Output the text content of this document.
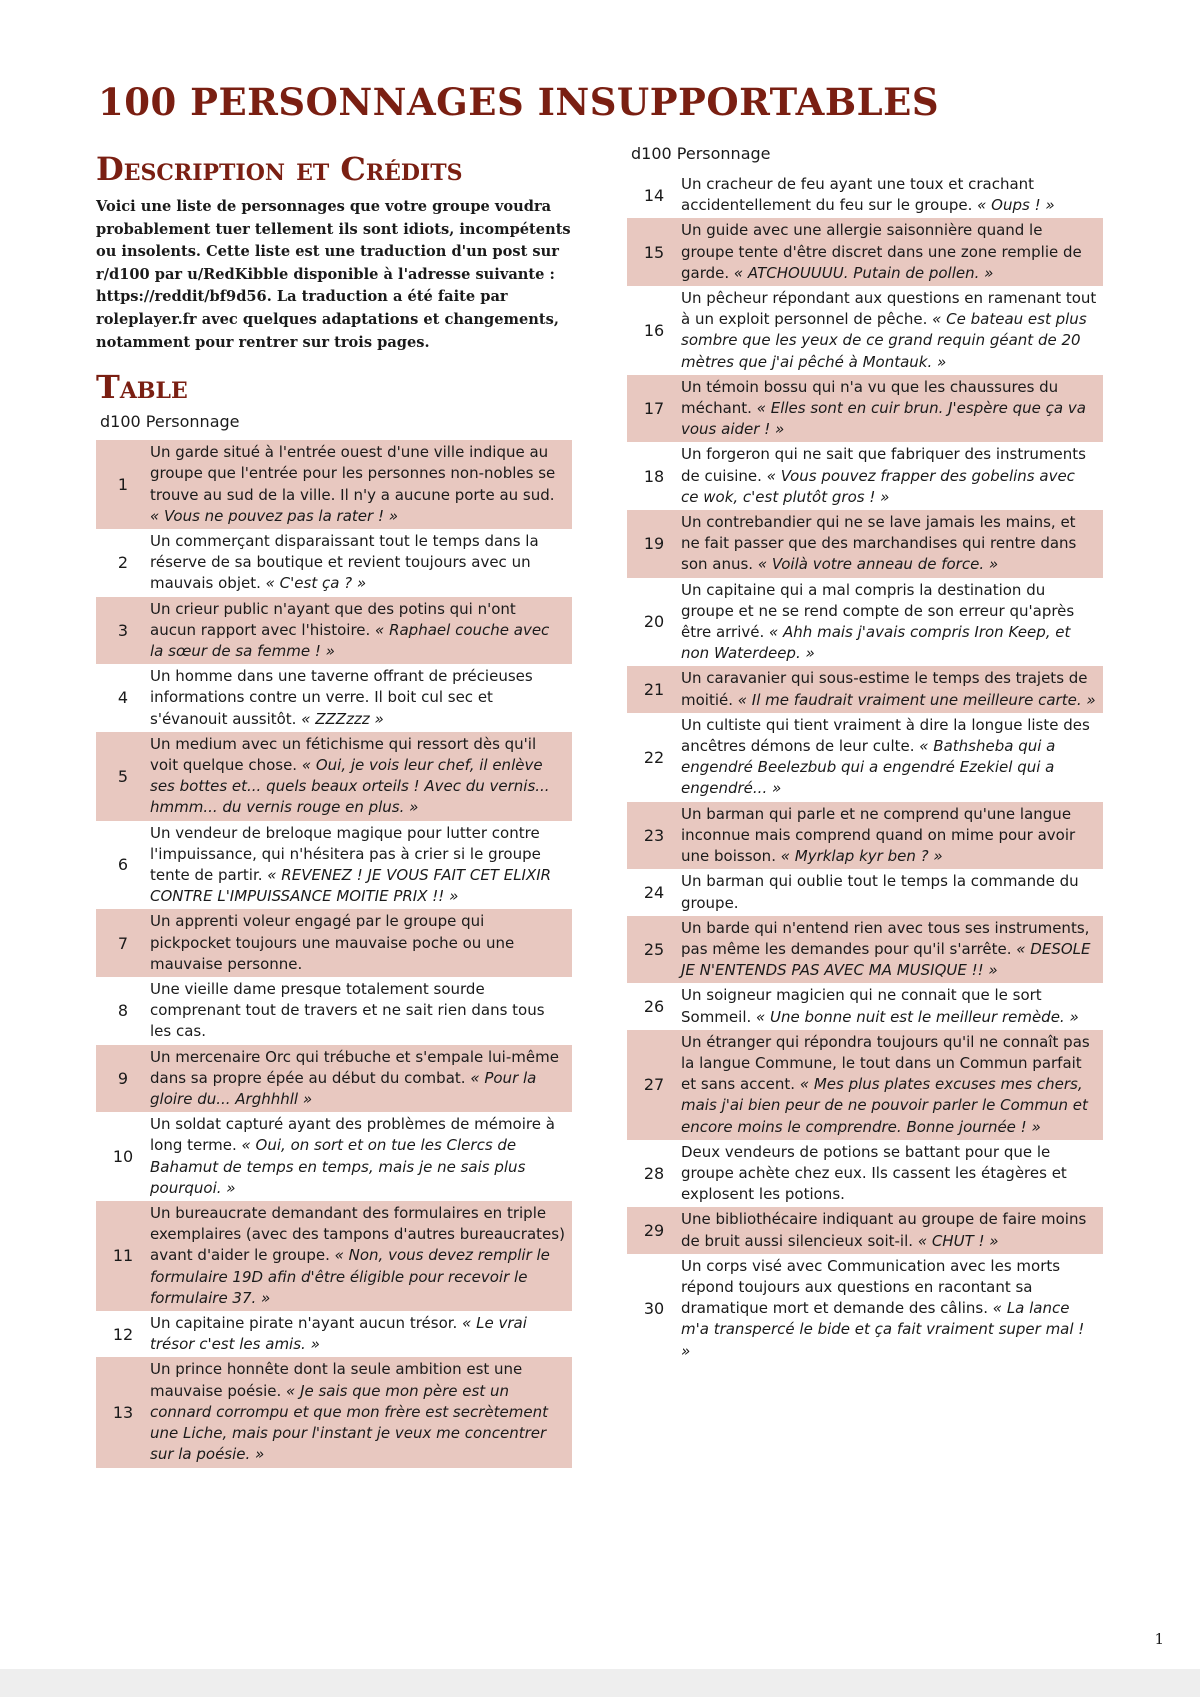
100 PERSONNAGES INSUPPORTABLES
Description et Crédits

Voici une liste de personnages que votre groupe voudra probablement tuer tellement ils sont idiots, incompétents ou insolents. Cette liste est une traduction d'un post sur r/d100 par u/RedKibble disponible à l'adresse suivante : https://reddit/bf9d56. La traduction a été faite par roleplayer.fr avec quelques adaptations et changements, notamment pour rentrer sur trois pages.

Table
d100 Personnage
1
Un garde situé à l'entrée ouest d'une ville indique au groupe que l'entrée pour les personnes non-nobles se trouve au sud de la ville. Il n'y a aucune porte au sud. « Vous ne pouvez pas la rater ! »
2
Un commerçant disparaissant tout le temps dans la réserve de sa boutique et revient toujours avec un mauvais objet. « C'est ça ? »
3
Un crieur public n'ayant que des potins qui n'ont aucun rapport avec l'histoire. « Raphael couche avec la sœur de sa femme ! »
4
Un homme dans une taverne offrant de précieuses informations contre un verre. Il boit cul sec et s'évanouit aussitôt. « ZZZzzz »
5
Un medium avec un fétichisme qui ressort dès qu'il voit quelque chose. « Oui, je vois leur chef, il enlève ses bottes et... quels beaux orteils ! Avec du vernis... hmmm... du vernis rouge en plus. »
6
Un vendeur de breloque magique pour lutter contre l'impuissance, qui n'hésitera pas à crier si le groupe tente de partir. « REVENEZ ! JE VOUS FAIT CET ELIXIR CONTRE L'IMPUISSANCE MOITIE PRIX !! »
7
Un apprenti voleur engagé par le groupe qui pickpocket toujours une mauvaise poche ou une mauvaise personne.
8
Une vieille dame presque totalement sourde comprenant tout de travers et ne sait rien dans tous les cas.
9
Un mercenaire Orc qui trébuche et s'empale lui-même dans sa propre épée au début du combat. « Pour la gloire du... Arghhhll »
10
Un soldat capturé ayant des problèmes de mémoire à long terme. « Oui, on sort et on tue les Clercs de Bahamut de temps en temps, mais je ne sais plus pourquoi. »
11
Un bureaucrate demandant des formulaires en triple exemplaires (avec des tampons d'autres bureaucrates) avant d'aider le groupe. « Non, vous devez remplir le formulaire 19D afin d'être éligible pour recevoir le formulaire 37. »
12
Un capitaine pirate n'ayant aucun trésor. « Le vrai trésor c'est les amis. »
13
Un prince honnête dont la seule ambition est une mauvaise poésie. « Je sais que mon père est un connard corrompu et que mon frère est secrètement une Liche, mais pour l'instant je veux me concentrer sur la poésie. »
d100 Personnage
14
Un cracheur de feu ayant une toux et crachant accidentellement du feu sur le groupe. « Oups ! »
15
Un guide avec une allergie saisonnière quand le groupe tente d'être discret dans une zone remplie de garde. « ATCHOUUUU. Putain de pollen. »
16
Un pêcheur répondant aux questions en ramenant tout à un exploit personnel de pêche. « Ce bateau est plus sombre que les yeux de ce grand requin géant de 20 mètres que j'ai pêché à Montauk. »
17
Un témoin bossu qui n'a vu que les chaussures du méchant. « Elles sont en cuir brun. J'espère que ça va vous aider ! »
18
Un forgeron qui ne sait que fabriquer des instruments de cuisine. « Vous pouvez frapper des gobelins avec ce wok, c'est plutôt gros ! »
19
Un contrebandier qui ne se lave jamais les mains, et ne fait passer que des marchandises qui rentre dans son anus. « Voilà votre anneau de force. »
20
Un capitaine qui a mal compris la destination du groupe et ne se rend compte de son erreur qu'après être arrivé. « Ahh mais j'avais compris Iron Keep, et non Waterdeep. »
21
Un caravanier qui sous-estime le temps des trajets de moitié. « Il me faudrait vraiment une meilleure carte. »
22
Un cultiste qui tient vraiment à dire la longue liste des ancêtres démons de leur culte. « Bathsheba qui a engendré Beelezbub qui a engendré Ezekiel qui a engendré... »
23
Un barman qui parle et ne comprend qu'une langue inconnue mais comprend quand on mime pour avoir une boisson. « Myrklap kyr ben ? »
24
Un barman qui oublie tout le temps la commande du groupe.
25
Un barde qui n'entend rien avec tous ses instruments, pas même les demandes pour qu'il s'arrête. « DESOLE JE N'ENTENDS PAS AVEC MA MUSIQUE !! »
26
Un soigneur magicien qui ne connait que le sort Sommeil. « Une bonne nuit est le meilleur remède. »
27
Un étranger qui répondra toujours qu'il ne connaît pas la langue Commune, le tout dans un Commun parfait et sans accent. « Mes plus plates excuses mes chers, mais j'ai bien peur de ne pouvoir parler le Commun et encore moins le comprendre. Bonne journée ! »
28
Deux vendeurs de potions se battant pour que le groupe achète chez eux. Ils cassent les étagères et explosent les potions.
29
Une bibliothécaire indiquant au groupe de faire moins de bruit aussi silencieux soit-il. « CHUT ! »
30
Un corps visé avec Communication avec les morts répond toujours aux questions en racontant sa dramatique mort et demande des câlins. « La lance m'a transpercé le bide et ça fait vraiment super mal ! »
1
